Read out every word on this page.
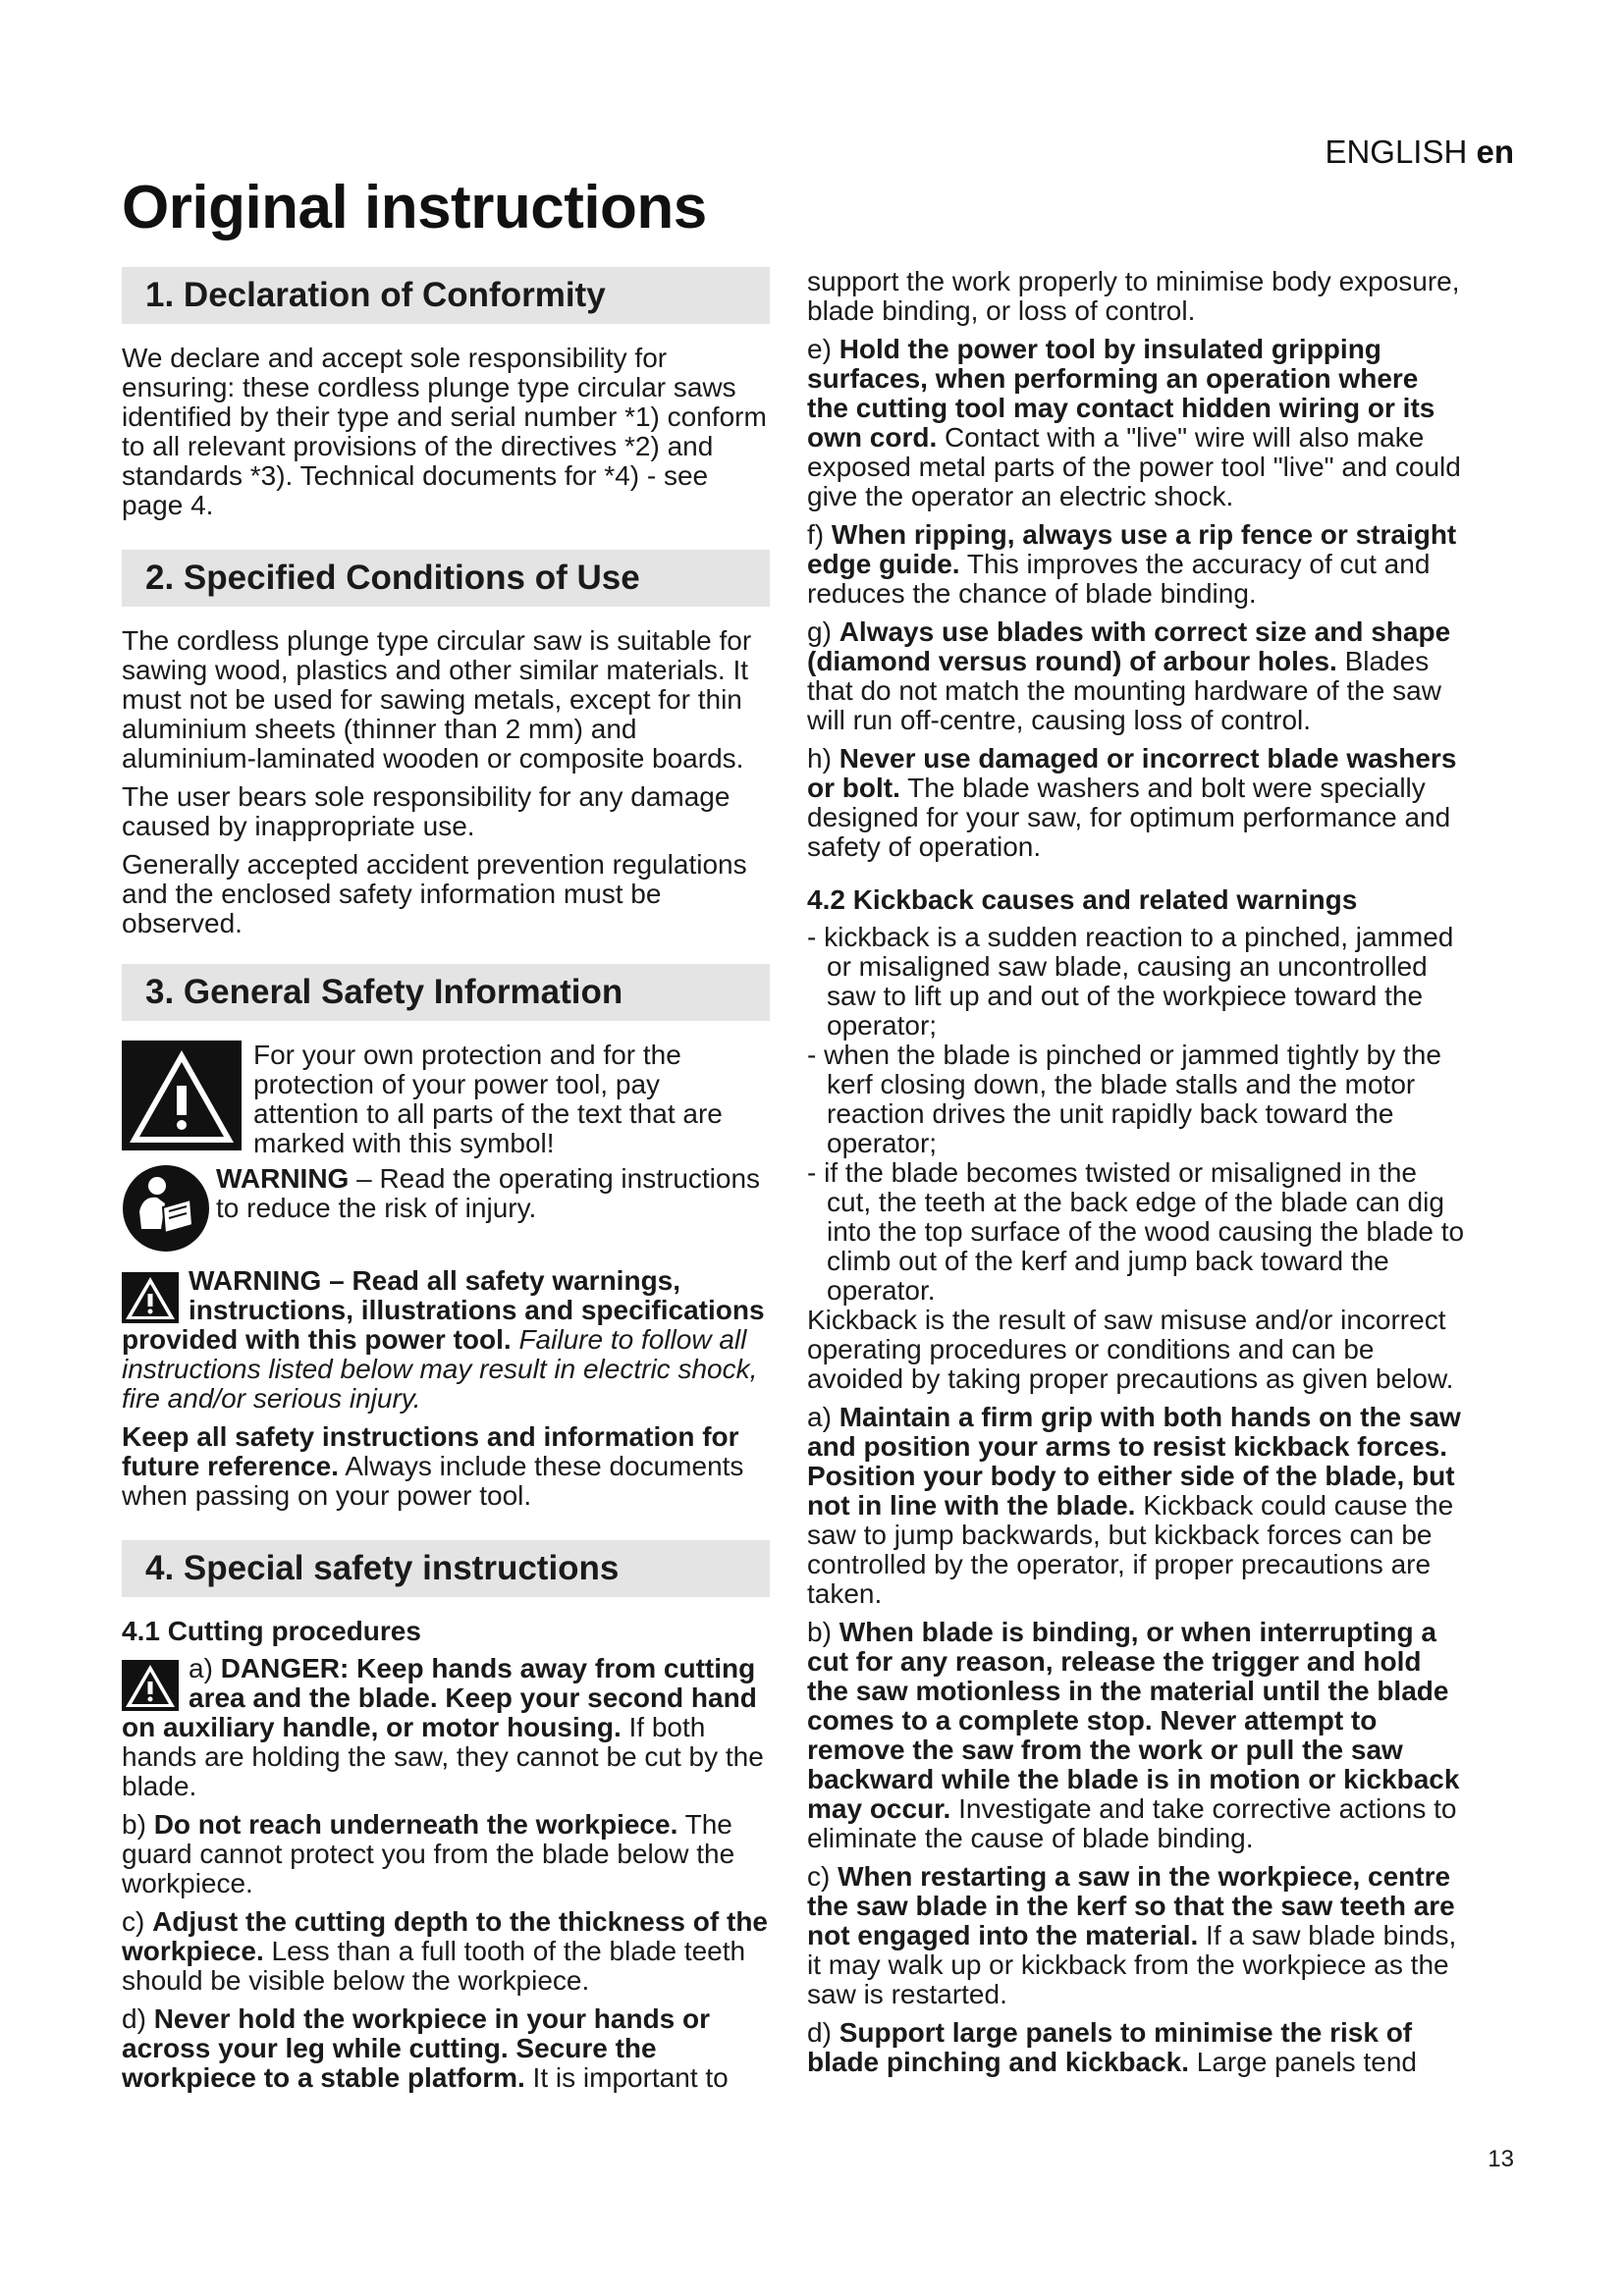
ENGLISH en
Original instructions
1. Declaration of Conformity

We declare and accept sole responsibility for ensuring: these cordless plunge type circular saws identified by their type and serial number *1) conform to all relevant provisions of the directives *2) and standards *3). Technical documents for *4) - see page 4.

2. Specified Conditions of Use

The cordless plunge type circular saw is suitable for sawing wood, plastics and other similar materials. It must not be used for sawing metals, except for thin aluminium sheets (thinner than 2 mm) and aluminium-laminated wooden or composite boards.

The user bears sole responsibility for any damage caused by inappropriate use.

Generally accepted accident prevention regulations and the enclosed safety information must be observed.

3. General Safety Information

For your own protection and for the protection of your power tool, pay attention to all parts of the text that are marked with this symbol!

WARNING – Read the operating instructions to reduce the risk of injury.

WARNING – Read all safety warnings, instructions, illustrations and specifications provided with this power tool. Failure to follow all instructions listed below may result in electric shock, fire and/or serious injury.

Keep all safety instructions and information for future reference. Always include these documents when passing on your power tool.

4. Special safety instructions
4.1 Cutting procedures

a) DANGER: Keep hands away from cutting area and the blade. Keep your second hand on auxiliary handle, or motor housing. If both hands are holding the saw, they cannot be cut by the blade.

b) Do not reach underneath the workpiece. The guard cannot protect you from the blade below the workpiece.

c) Adjust the cutting depth to the thickness of the workpiece. Less than a full tooth of the blade teeth should be visible below the workpiece.

d) Never hold the workpiece in your hands or across your leg while cutting. Secure the workpiece to a stable platform. It is important to

support the work properly to minimise body exposure, blade binding, or loss of control.

e) Hold the power tool by insulated gripping surfaces, when performing an operation where the cutting tool may contact hidden wiring or its own cord. Contact with a "live" wire will also make exposed metal parts of the power tool "live" and could give the operator an electric shock.

f) When ripping, always use a rip fence or straight edge guide. This improves the accuracy of cut and reduces the chance of blade binding.

g) Always use blades with correct size and shape (diamond versus round) of arbour holes. Blades that do not match the mounting hardware of the saw will run off-centre, causing loss of control.

h) Never use damaged or incorrect blade washers or bolt. The blade washers and bolt were specially designed for your saw, for optimum performance and safety of operation.

4.2 Kickback causes and related warnings
- kickback is a sudden reaction to a pinched, jammed or misaligned saw blade, causing an uncontrolled saw to lift up and out of the workpiece toward the operator;
- when the blade is pinched or jammed tightly by the kerf closing down, the blade stalls and the motor reaction drives the unit rapidly back toward the operator;
- if the blade becomes twisted or misaligned in the cut, the teeth at the back edge of the blade can dig into the top surface of the wood causing the blade to climb out of the kerf and jump back toward the operator.

Kickback is the result of saw misuse and/or incorrect operating procedures or conditions and can be avoided by taking proper precautions as given below.

a) Maintain a firm grip with both hands on the saw and position your arms to resist kickback forces. Position your body to either side of the blade, but not in line with the blade. Kickback could cause the saw to jump backwards, but kickback forces can be controlled by the operator, if proper precautions are taken.

b) When blade is binding, or when interrupting a cut for any reason, release the trigger and hold the saw motionless in the material until the blade comes to a complete stop. Never attempt to remove the saw from the work or pull the saw backward while the blade is in motion or kickback may occur. Investigate and take corrective actions to eliminate the cause of blade binding.

c) When restarting a saw in the workpiece, centre the saw blade in the kerf so that the saw teeth are not engaged into the material. If a saw blade binds, it may walk up or kickback from the workpiece as the saw is restarted.

d) Support large panels to minimise the risk of blade pinching and kickback. Large panels tend

13
